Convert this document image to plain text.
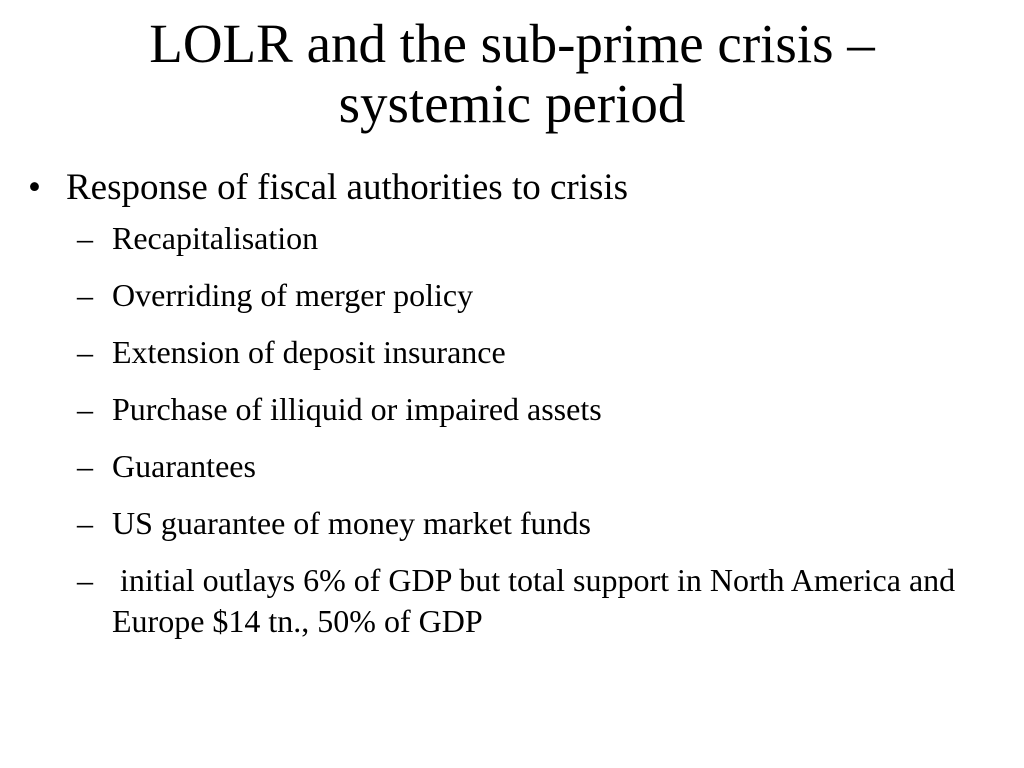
LOLR and the sub-prime crisis –
systemic period
• Response of fiscal authorities to crisis
– Recapitalisation
– Overriding of merger policy
– Extension of deposit insurance
– Purchase of illiquid or impaired assets
– Guarantees
– US guarantee of money market funds
– initial outlays 6% of GDP but total support in North America and Europe $14 tn., 50% of GDP
